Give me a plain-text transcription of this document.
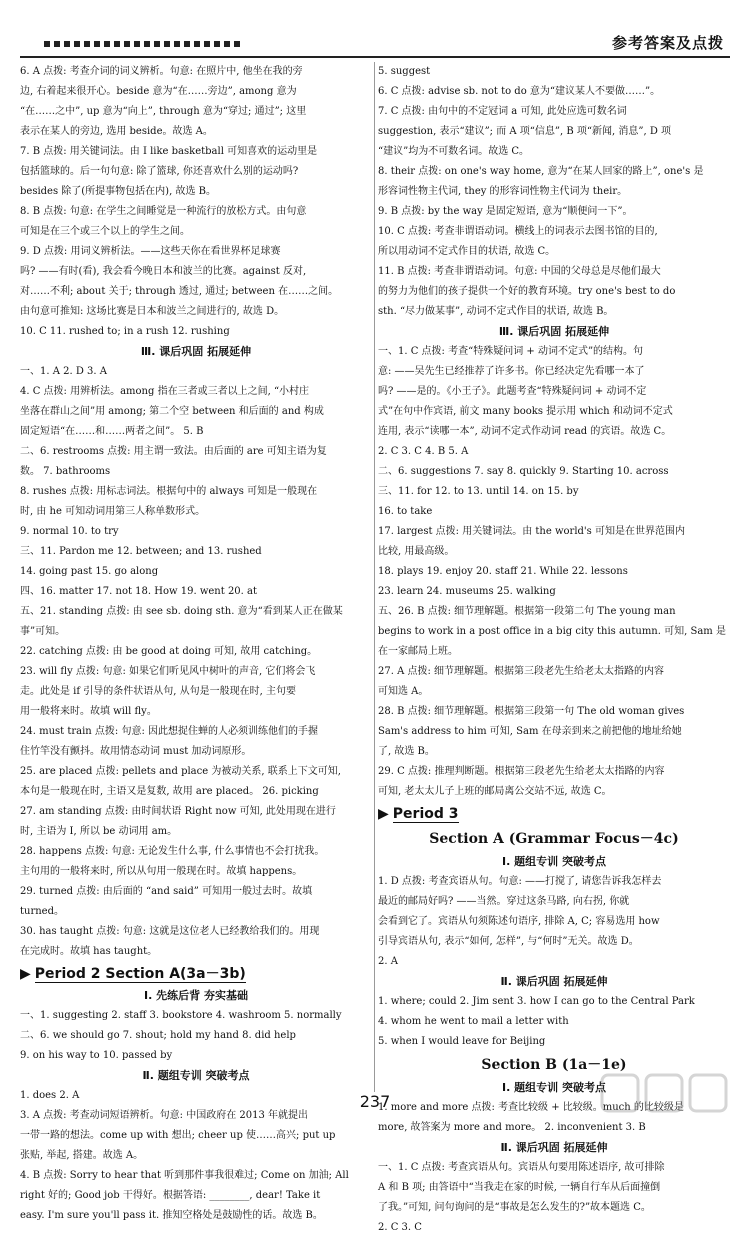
参考答案及点拨
6. A 点拨: 考查介词的词义辨析。句意: 在照片中, 他坐在我的旁
边, 右着起来很开心。beside 意为“在……旁边”, among 意为
“在……之中”, up 意为“向上”, through 意为“穿过; 通过”; 这里
表示在某人的旁边, 选用 beside。故选 A。
7. B 点拨: 用关键词法。由 I like basketball 可知喜欢的运动里是
包括篮球的。后一句句意: 除了篮球, 你还喜欢什么别的运动吗?
besides 除了(所提事物包括在内), 故选 B。
8. B 点拨: 句意: 在学生之间睡觉是一种流行的放松方式。由句意
可知是在三个或三个以上的学生之间。
9. D 点拨: 用词义辨析法。——这些天你在看世界杯足球赛
吗? ——有时(看), 我会看今晚日本和波兰的比赛。against 反对,
对……不利; about 关于; through 透过, 通过; between 在……之间。
由句意可推知: 这场比赛是日本和波兰之间进行的, 故选 D。
10. C 11. rushed to; in a rush 12. rushing
Ⅲ. 课后巩固 拓展延伸
一、1. A 2. D 3. A
4. C 点拨: 用辨析法。among 指在三者或三者以上之间, “小村庄
坐落在群山之间”用 among; 第二个空 between 和后面的 and 构成
固定短语“在……和……两者之间”。 5. B
二、6. restrooms 点拨: 用主谓一致法。由后面的 are 可知主语为复
数。 7. bathrooms
8. rushes 点拨: 用标志词法。根据句中的 always 可知是一般现在
时, 由 he 可知动词用第三人称单数形式。
9. normal 10. to try
三、11. Pardon me 12. between; and 13. rushed
14. going past 15. go along
四、16. matter 17. not 18. How 19. went 20. at
五、21. standing 点拨: 由 see sb. doing sth. 意为“看到某人正在做某
事”可知。
22. catching 点拨: 由 be good at doing 可知, 故用 catching。
23. will fly 点拨: 句意: 如果它们听见风中树叶的声音, 它们将会飞
走。此处是 if 引导的条件状语从句, 从句是一般现在时, 主句要
用一般将来时。故填 will fly。
24. must train 点拨: 句意: 因此想捉住蝉的人必须训练他们的手握
住竹竿没有颤抖。故用情态动词 must 加动词原形。
25. are placed 点拨: pellets and place 为被动关系, 联系上下文可知,
本句是一般现在时, 主语又是复数, 故用 are placed。 26. picking
27. am standing 点拨: 由时间状语 Right now 可知, 此处用现在进行
时, 主语为 I, 所以 be 动词用 am。
28. happens 点拨: 句意: 无论发生什么事, 什么事情也不会打扰我。
主句用的一般将来时, 所以从句用一般现在时。故填 happens。
29. turned 点拨: 由后面的 “and said” 可知用一般过去时。故填
turned。
30. has taught 点拨: 句意: 这就是这位老人已经教给我们的。用现
在完成时。故填 has taught。
▶ Period 2 Section A(3a－3b)
Ⅰ. 先练后背 夯实基础
一、1. suggesting 2. staff 3. bookstore 4. washroom 5. normally
二、6. we should go 7. shout; hold my hand 8. did help
9. on his way to 10. passed by
Ⅱ. 题组专训 突破考点
1. does 2. A
3. A 点拨: 考查动词短语辨析。句意: 中国政府在 2013 年就提出
一带一路的想法。come up with 想出; cheer up 使……高兴; put up
张贴, 举起, 搭建。故选 A。
4. B 点拨: Sorry to hear that 听到那件事我很难过; Come on 加油; All
right 好的; Good job 干得好。根据答语: ________, dear! Take it
easy. I'm sure you'll pass it. 推知空格处是鼓励性的话。故选 B。
5. suggest
6. C 点拨: advise sb. not to do 意为“建议某人不要做……”。
7. C 点拨: 由句中的不定冠词 a 可知, 此处应选可数名词
suggestion, 表示“建议”; 而 A 项“信息”, B 项“新闻, 消息”, D 项
“建议”均为不可数名词。故选 C。
8. their 点拨: on one's way home, 意为“在某人回家的路上”, one's 是
形容词性物主代词, they 的形容词性物主代词为 their。
9. B 点拨: by the way 是固定短语, 意为“顺便问一下”。
10. C 点拨: 考查非谓语动词。横线上的词表示去图书馆的目的,
所以用动词不定式作目的状语, 故选 C。
11. B 点拨: 考查非谓语动词。句意: 中国的父母总是尽他们最大
的努力为他们的孩子提供一个好的教育环境。try one's best to do
sth. “尽力做某事”, 动词不定式作目的状语, 故选 B。
Ⅲ. 课后巩固 拓展延伸
一、1. C 点拨: 考查“特殊疑问词 + 动词不定式”的结构。句
意: ——吴先生已经推荐了许多书。你已经决定先看哪一本了
吗? ——是的。《小王子》。此题考查“特殊疑问词 + 动词不定
式”在句中作宾语, 前文 many books 提示用 which 和动词不定式
连用, 表示“读哪一本”, 动词不定式作动词 read 的宾语。故选 C。
2. C 3. C 4. B 5. A
二、6. suggestions 7. say 8. quickly 9. Starting 10. across
三、11. for 12. to 13. until 14. on 15. by
16. to take
17. largest 点拨: 用关键词法。由 the world's 可知是在世界范围内
比较, 用最高级。
18. plays 19. enjoy 20. staff 21. While 22. lessons
23. learn 24. museums 25. walking
五、26. B 点拨: 细节理解题。根据第一段第二句 The young man
begins to work in a post office in a big city this autumn. 可知, Sam 是
在一家邮局上班。
27. A 点拨: 细节理解题。根据第三段老先生给老太太指路的内容
可知选 A。
28. B 点拨: 细节理解题。根据第三段第一句 The old woman gives
Sam's address to him 可知, Sam 在母亲到来之前把他的地址给她
了, 故选 B。
29. C 点拨: 推理判断题。根据第三段老先生给老太太指路的内容
可知, 老太太儿子上班的邮局离公交站不远, 故选 C。
▶ Period 3
Section A (Grammar Focus－4c)
Ⅰ. 题组专训 突破考点
1. D 点拨: 考查宾语从句。句意: ——打搅了, 请您告诉我怎样去
最近的邮局好吗? ——当然。穿过这条马路, 向右拐, 你就
会看到它了。宾语从句须陈述句语序, 排除 A, C; 容易选用 how
引导宾语从句, 表示“如何, 怎样”, 与“何时”无关。故选 D。
2. A
Ⅱ. 课后巩固 拓展延伸
1. where; could 2. Jim sent 3. how I can go to the Central Park
4. whom he went to mail a letter with
5. when I would leave for Beijing
Section B (1a－1e)
Ⅰ. 题组专训 突破考点
1. more and more 点拨: 考查比较级 + 比较级。much 的比较级是
more, 故答案为 more and more。 2. inconvenient 3. B
Ⅱ. 课后巩固 拓展延伸
一、1. C 点拨: 考查宾语从句。宾语从句要用陈述语序, 故可排除
A 和 B 项; 由答语中“当我走在家的时候, 一辆自行车从后面撞倒
了我。”可知, 问句询问的是“事故是怎么发生的?”故本题选 C。
2. C 3. C
237
